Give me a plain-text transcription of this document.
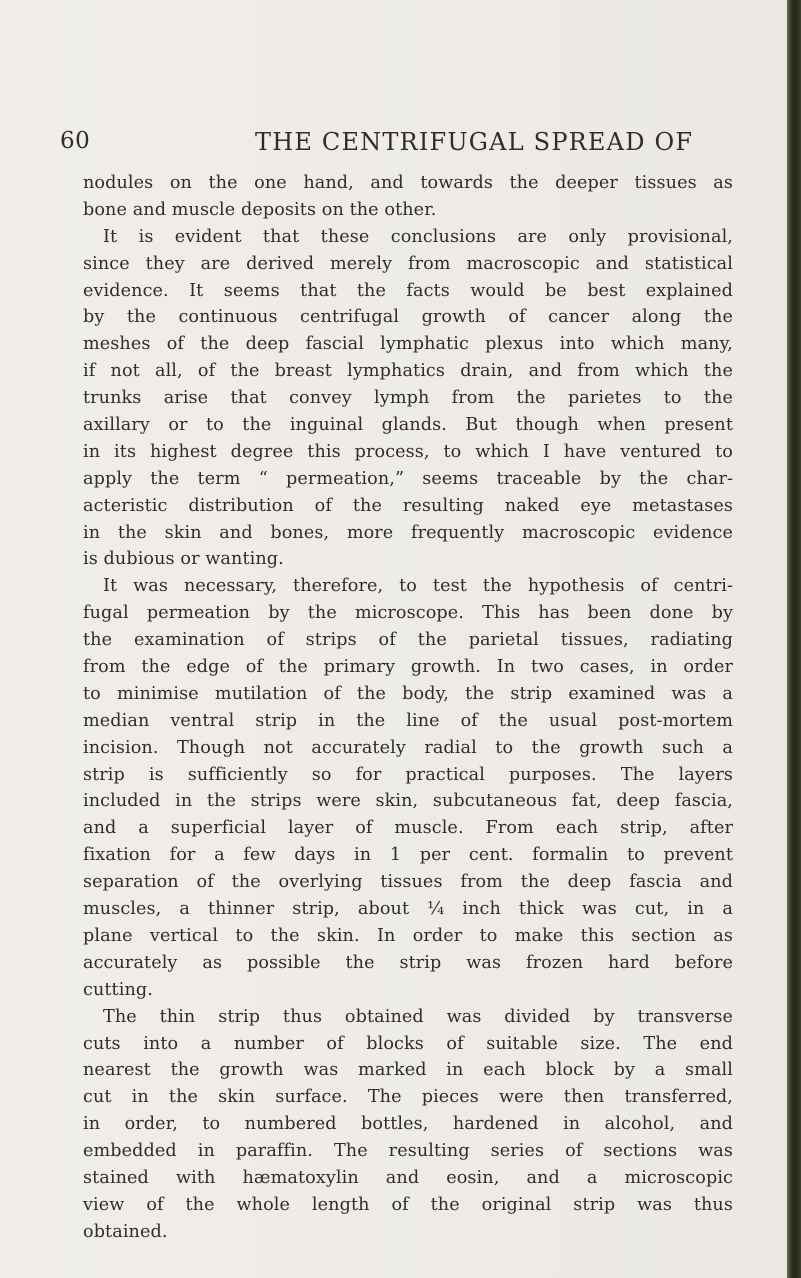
60	THE CENTRIFUGAL SPREAD OF
nodules on the one hand, and towards the deeper tissues as
bone and muscle deposits on the other.
It is evident that these conclusions are only provisional,
since they are derived merely from macroscopic and statistical
evidence. It seems that the facts would be best explained
by the continuous centrifugal growth of cancer along the
meshes of the deep fascial lymphatic plexus into which many,
if not all, of the breast lymphatics drain, and from which the
trunks arise that convey lymph from the parietes to the
axillary or to the inguinal glands. But though when present
in its highest degree this process, to which I have ventured to
apply the term “ permeation,” seems traceable by the char-
acteristic distribution of the resulting naked eye metastases
in the skin and bones, more frequently macroscopic evidence
is dubious or wanting.
It was necessary, therefore, to test the hypothesis of centri-
fugal permeation by the microscope. This has been done by
the examination of strips of the parietal tissues, radiating
from the edge of the primary growth. In two cases, in order
to minimise mutilation of the body, the strip examined was a
median ventral strip in the line of the usual post-mortem
incision. Though not accurately radial to the growth such a
strip is sufficiently so for practical purposes. The layers
included in the strips were skin, subcutaneous fat, deep fascia,
and a superficial layer of muscle. From each strip, after
fixation for a few days in 1 per cent. formalin to prevent
separation of the overlying tissues from the deep fascia and
muscles, a thinner strip, about ¼ inch thick was cut, in a
plane vertical to the skin. In order to make this section as
accurately as possible the strip was frozen hard before
cutting.
The thin strip thus obtained was divided by transverse
cuts into a number of blocks of suitable size. The end
nearest the growth was marked in each block by a small
cut in the skin surface. The pieces were then transferred,
in order, to numbered bottles, hardened in alcohol, and
embedded in paraffin. The resulting series of sections was
stained with hæmatoxylin and eosin, and a microscopic
view of the whole length of the original strip was thus
obtained.
